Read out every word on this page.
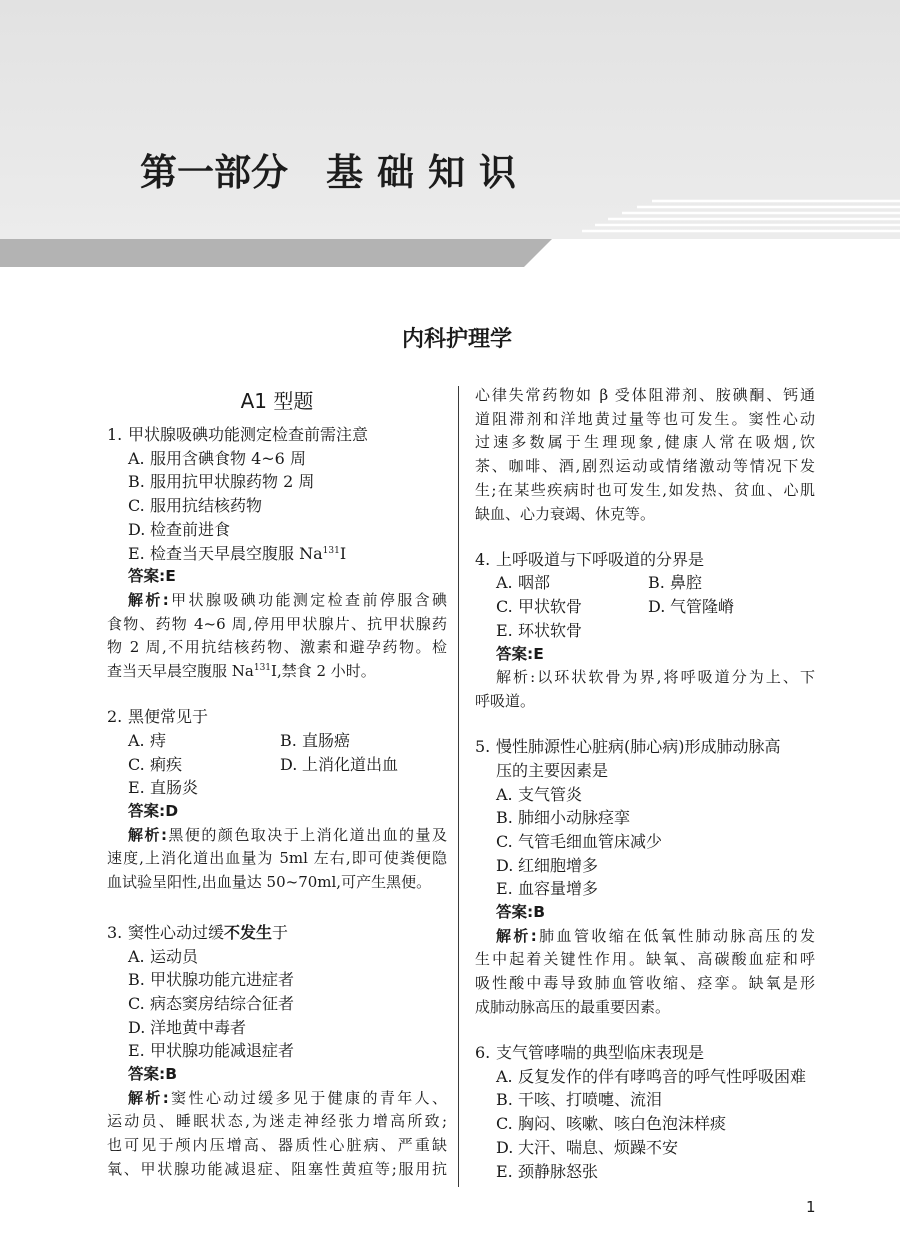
第一部分 基础知识
内科护理学
A1 型题
1. 甲状腺吸碘功能测定检查前需注意
A. 服用含碘食物 4~6 周
B. 服用抗甲状腺药物 2 周
C. 服用抗结核药物
D. 检查前进食
E. 检查当天早晨空腹服 Na$^{131}$I
答案:E
解析:甲状腺吸碘功能测定检查前停服含碘
食物、药物 4~6 周,停用甲状腺片、抗甲状腺药
物 2 周,不用抗结核药物、激素和避孕药物。检
查当天早晨空腹服 Na$^{131}$I,禁食 2 小时。
2. 黑便常见于
A. 痔	B. 直肠癌
C. 痢疾	D. 上消化道出血
E. 直肠炎
答案:D
解析:黑便的颜色取决于上消化道出血的量及
速度,上消化道出血量为 5ml 左右,即可使粪便隐
血试验呈阳性,出血量达 50~70ml,可产生黑便。
3. 窦性心动过缓不发生于
A. 运动员
B. 甲状腺功能亢进症者
C. 病态窦房结综合征者
D. 洋地黄中毒者
E. 甲状腺功能减退症者
答案:B
解析:窦性心动过缓多见于健康的青年人、
运动员、睡眠状态,为迷走神经张力增高所致;
也可见于颅内压增高、器质性心脏病、严重缺
氧、甲状腺功能减退症、阻塞性黄疸等;服用抗
心律失常药物如 β 受体阻滞剂、胺碘酮、钙通
道阻滞剂和洋地黄过量等也可发生。窦性心动
过速多数属于生理现象,健康人常在吸烟,饮
茶、咖啡、酒,剧烈运动或情绪激动等情况下发
生;在某些疾病时也可发生,如发热、贫血、心肌
缺血、心力衰竭、休克等。
4. 上呼吸道与下呼吸道的分界是
A. 咽部	B. 鼻腔
C. 甲状软骨	D. 气管隆嵴
E. 环状软骨
答案:E
解析:以环状软骨为界,将呼吸道分为上、下
呼吸道。
5. 慢性肺源性心脏病(肺心病)形成肺动脉高
压的主要因素是
A. 支气管炎
B. 肺细小动脉痉挛
C. 气管毛细血管床减少
D. 红细胞增多
E. 血容量增多
答案:B
解析:肺血管收缩在低氧性肺动脉高压的发
生中起着关键性作用。缺氧、高碳酸血症和呼
吸性酸中毒导致肺血管收缩、痉挛。缺氧是形
成肺动脉高压的最重要因素。
6. 支气管哮喘的典型临床表现是
A. 反复发作的伴有哮鸣音的呼气性呼吸困难
B. 干咳、打喷嚏、流泪
C. 胸闷、咳嗽、咳白色泡沫样痰
D. 大汗、喘息、烦躁不安
E. 颈静脉怒张
1
